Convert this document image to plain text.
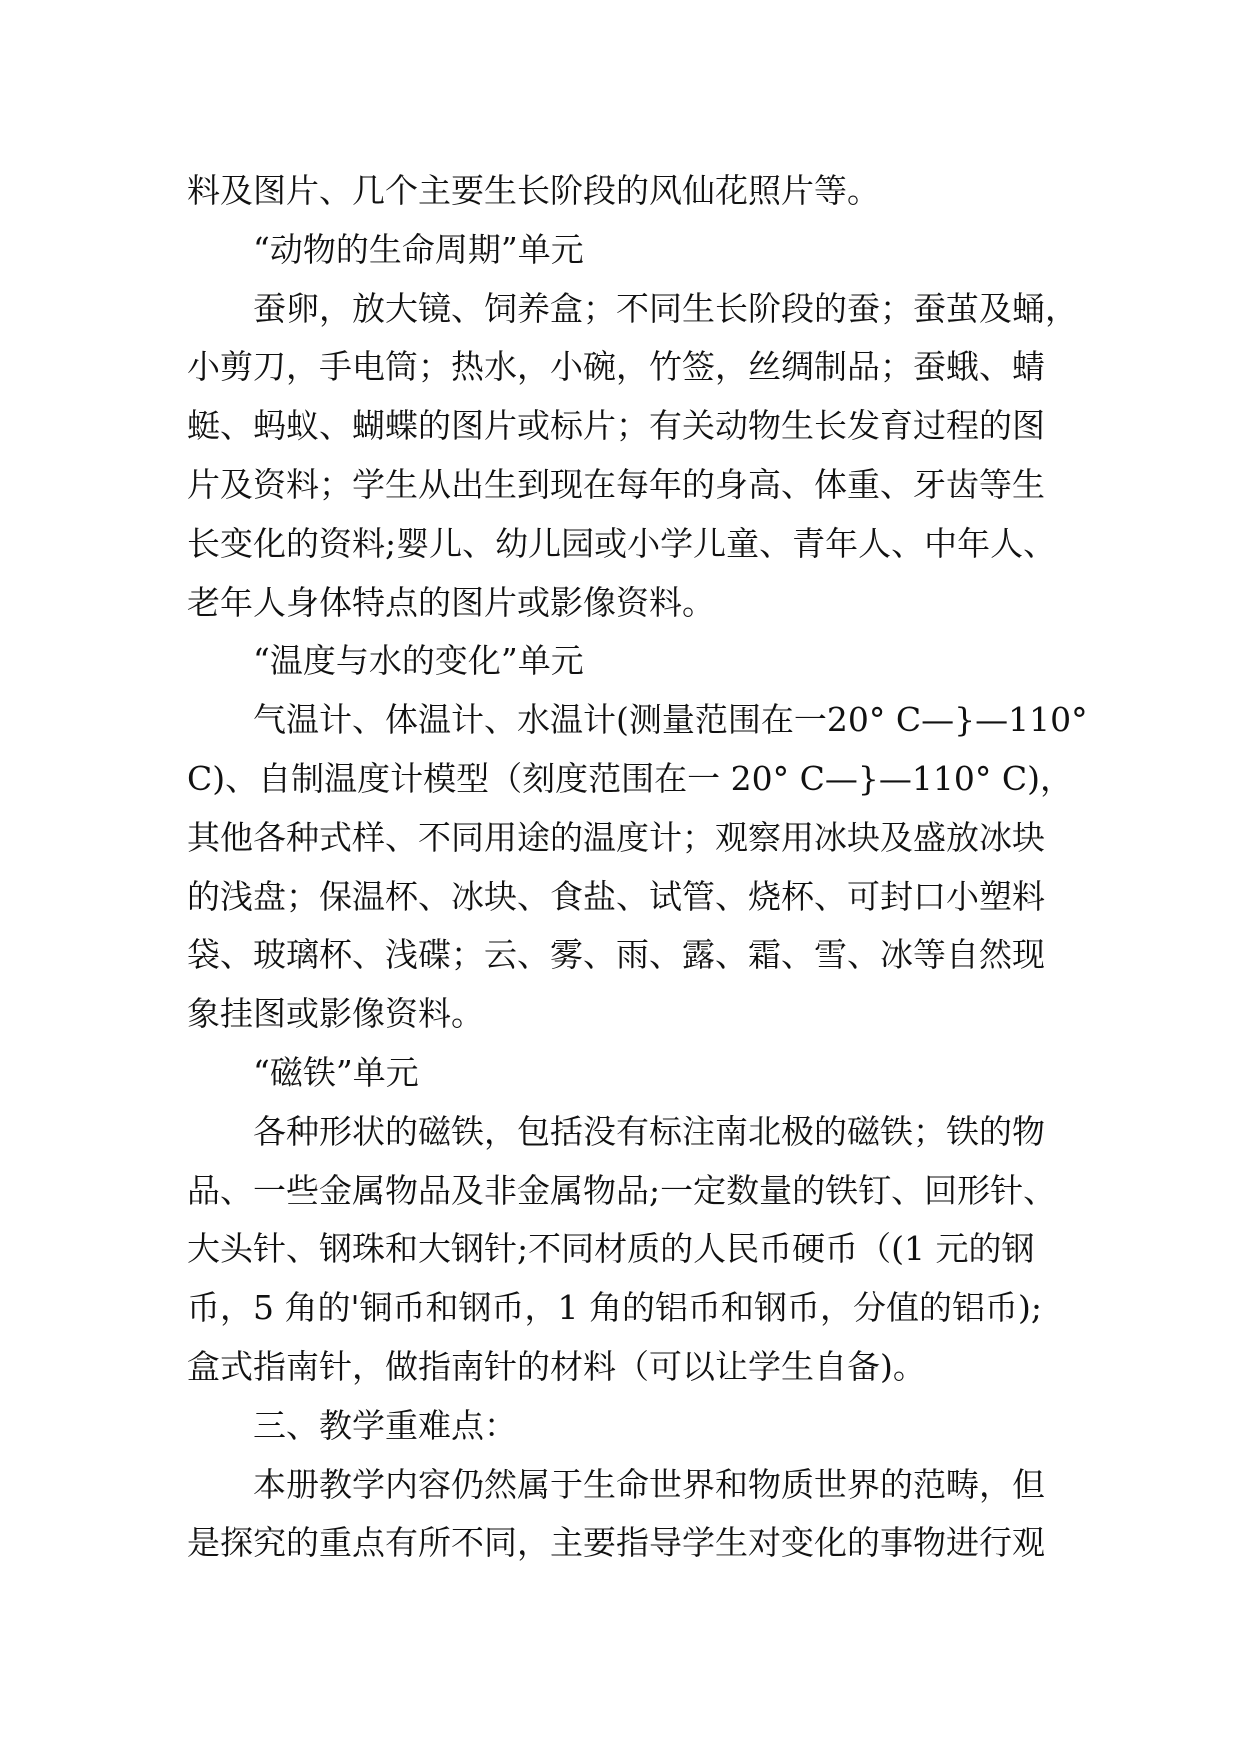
料及图片、几个主要生长阶段的风仙花照片等。

“动物的生命周期”单元

蚕卵，放大镜、饲养盒；不同生长阶段的蚕；蚕茧及蛹，

小剪刀，手电筒；热水，小碗，竹签，丝绸制品；蚕蛾、蜻

蜓、蚂蚁、蝴蝶的图片或标片；有关动物生长发育过程的图

片及资料；学生从出生到现在每年的身高、体重、牙齿等生

长变化的资料;婴儿、幼儿园或小学儿童、青年人、中年人、

老年人身体特点的图片或影像资料。

“温度与水的变化”单元

气温计、体温计、水温计(测量范围在一20° C—}—110°

C)、自制温度计模型（刻度范围在一 20° C—}—110° C)，

其他各种式样、不同用途的温度计；观察用冰块及盛放冰块

的浅盘；保温杯、冰块、食盐、试管、烧杯、可封口小塑料

袋、玻璃杯、浅碟；云、雾、雨、露、霜、雪、冰等自然现

象挂图或影像资料。

“磁铁”单元

各种形状的磁铁，包括没有标注南北极的磁铁；铁的物

品、一些金属物品及非金属物品;一定数量的铁钉、回形针、

大头针、钢珠和大钢针;不同材质的人民币硬币（(1 元的钢

币，5 角的'铜币和钢币，1 角的铝币和钢币，分值的铝币);

盒式指南针，做指南针的材料（可以让学生自备)。

三、教学重难点：

本册教学内容仍然属于生命世界和物质世界的范畴，但

是探究的重点有所不同，主要指导学生对变化的事物进行观
